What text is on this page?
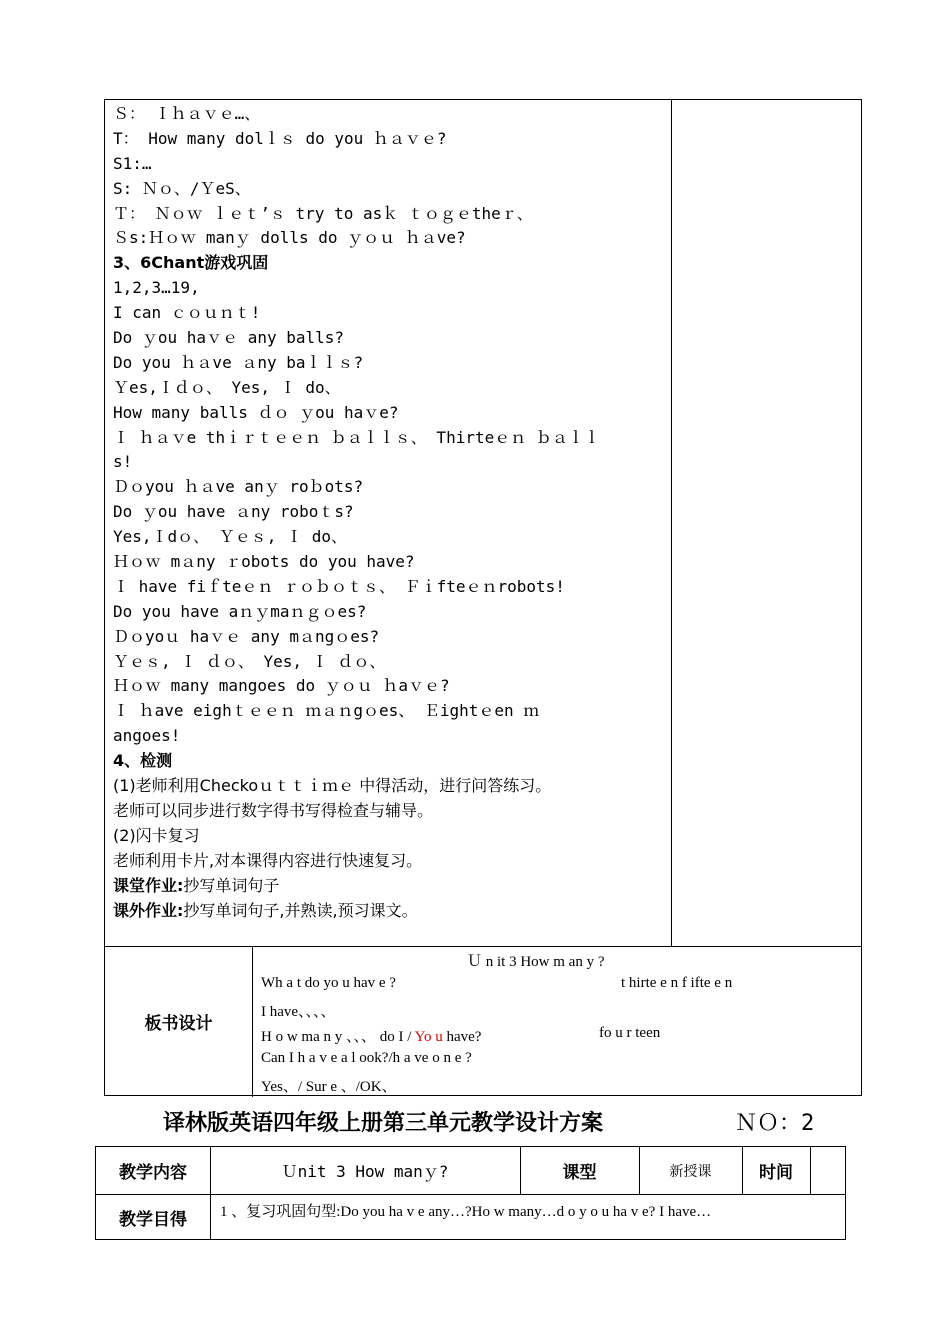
Ｓ： Ｉｈａｖｅ…、
T： How many dolｌｓ do you ｈａｖｅ?
S1:…
S: Ｎｏ、/ＹeS、
Ｔ： Ｎｏｗ ｌｅｔ’ｓ try to asｋ ｔｏｇｅtheｒ、
Ｓs:Ｈｏｗ manｙ dolls do ｙｏｕ ｈａve?
3、6Chant游戏巩固
1,2,3…19,
I can ｃｏｕｎｔ!
Do ｙou haｖｅ any balls?
Do you ｈａve ａny baｌｌｓ?
Ｙes,Ｉｄｏ、 Yes, Ｉ do、
How many balls ｄｏ ｙou haｖe?
Ｉ ｈａｖe thｉｒｔｅｅｎ ｂａｌｌｓ、 Thirteｅｎ ｂａｌｌ
s!
Ｄｏyou ｈａve anｙ roｂots?
Do ｙou have ａny roboｔs?
Yes,Ｉdｏ、 Ｙｅｓ, Ｉ do、
Ｈｏｗ mａny ｒobots do you have?
Ｉ have fiｆteｅｎ ｒｏｂｏｔｓ、 Ｆｉfteｅｎrobots!
Do you have aｎｙmaｎｇｏes?
Ｄｏyoｕ haｖｅ any mａngｏes?
Ｙｅｓ, Ｉ ｄｏ、 Yes, Ｉ ｄｏ、
Ｈｏｗ many mangoes do ｙｏｕ ｈaｖｅ?
Ｉ ｈave eighｔｅｅｎ ｍａｎgｏes、 Ｅightｅen ｍ
angoes!
4、检测
(1)老师利用Checkoｕｔｔｉｍｅ 中得活动，进行问答练习。
老师可以同步进行数字得书写得检查与辅导。
(2)闪卡复习
老师利用卡片,对本课得内容进行快速复习。
课堂作业:抄写单词句子
课外作业:抄写单词句子,并熟读,预习课文。
板书设计
Ｕ n it 3 How m an y ?
Wh a t do yo u hav e ?	t hirte e n f ifte e n
I have、、、、
H o w ma n y 、、、 do I / Yo u have?	fo u r teen
Can I h a v e a l ook?/h a ve o n e ?
Yes、/ Sur e 、/OK、
译林版英语四年级上册第三单元教学设计方案	ＮＯ：2
教学内容	Ｕnit 3 How manｙ?	课型	新授课	时间
教学目得	1 、复习巩固句型:Do you ha v e any…?Ho w many…d o y o u ha v e? I have…
